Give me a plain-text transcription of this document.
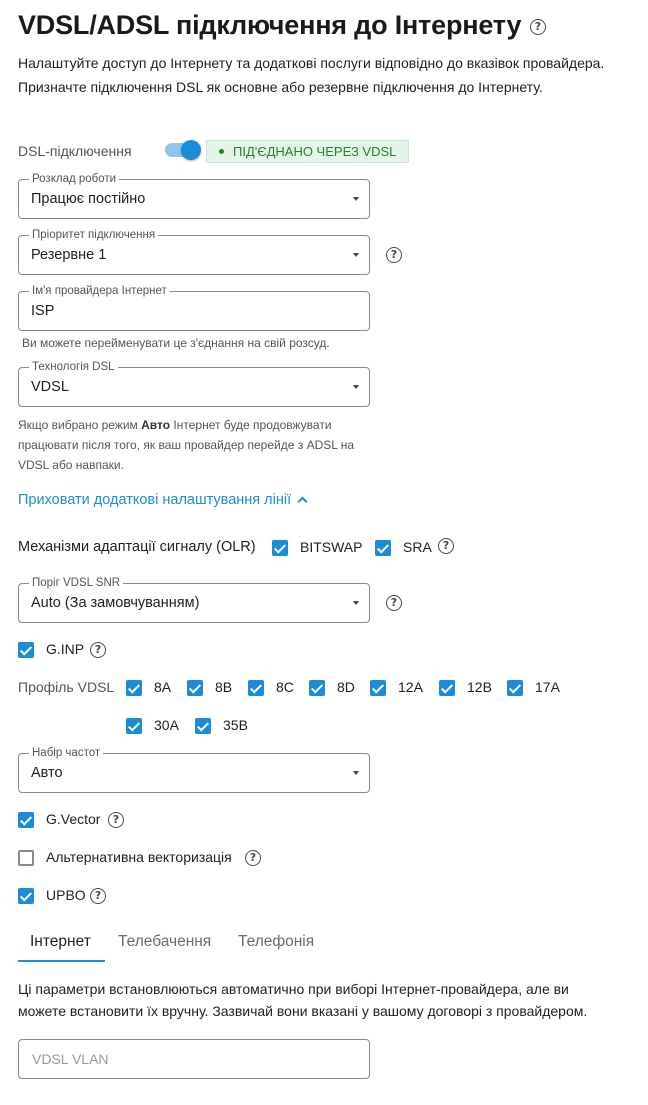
VDSL/ADSL підключення до Інтернету	?
Налаштуйте доступ до Інтернету та додаткові послуги відповідно до вказівок провайдера.
Призначте підключення DSL як основне або резервне підключення до Інтернету.
DSL-підключення	ПІД'ЄДНАНО ЧЕРЕЗ VDSL
Розклад роботи
Працює постійно
Пріоритет підключення
Резервне 1	?
Ім'я провайдера Інтернет
ISP
Ви можете перейменувати це з'єднання на свій розсуд.
Технологія DSL
VDSL
Якщо вибрано режим Авто Інтернет буде продовжувати
працювати після того, як ваш провайдер перейде з ADSL на
VDSL або навпаки.
Приховати додаткові налаштування лінії
Механізми адаптації сигналу (OLR)	BITSWAP	SRA	?
Поріг VDSL SNR
Auto (За замовчуванням)	?
G.INP ?
Профіль VDSL	8A	8B	8C	8D	12A	12B	17A
30A	35B
Набір частот
Авто
G.Vector	?
Альтернативна векторизація	?
UPBO ?
Інтернет Телебачення Телефонія
Ці параметри встановлюються автоматично при виборі Інтернет-провайдера, але ви
можете встановити їх вручну. Зазвичай вони вказані у вашому договорі з провайдером.
VDSL VLAN
